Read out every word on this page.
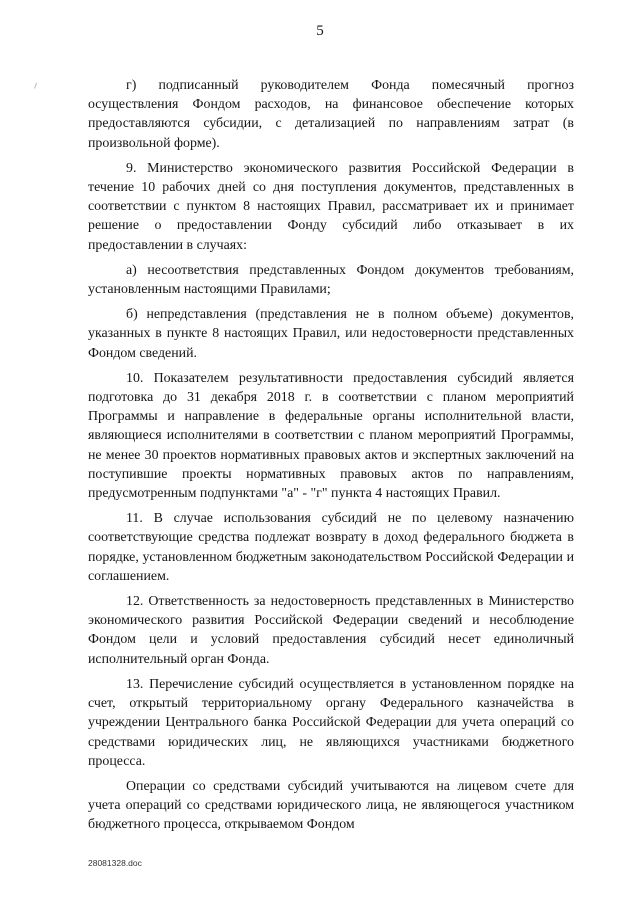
5

г) подписанный руководителем Фонда помесячный прогноз осуществления Фондом расходов, на финансовое обеспечение которых предоставляются субсидии, с детализацией по направлениям затрат (в произвольной форме).

9. Министерство экономического развития Российской Федерации в течение 10 рабочих дней со дня поступления документов, представленных в соответствии с пунктом 8 настоящих Правил, рассматривает их и принимает решение о предоставлении Фонду субсидий либо отказывает в их предоставлении в случаях:

а) несоответствия представленных Фондом документов требованиям, установленным настоящими Правилами;

б) непредставления (представления не в полном объеме) документов, указанных в пункте 8 настоящих Правил, или недостоверности представленных Фондом сведений.

10. Показателем результативности предоставления субсидий является подготовка до 31 декабря 2018 г. в соответствии с планом мероприятий Программы и направление в федеральные органы исполнительной власти, являющиеся исполнителями в соответствии с планом мероприятий Программы, не менее 30 проектов нормативных правовых актов и экспертных заключений на поступившие проекты нормативных правовых актов по направлениям, предусмотренным подпунктами "а" - "г" пункта 4 настоящих Правил.

11. В случае использования субсидий не по целевому назначению соответствующие средства подлежат возврату в доход федерального бюджета в порядке, установленном бюджетным законодательством Российской Федерации и соглашением.

12. Ответственность за недостоверность представленных в Министерство экономического развития Российской Федерации сведений и несоблюдение Фондом цели и условий предоставления субсидий несет единоличный исполнительный орган Фонда.

13. Перечисление субсидий осуществляется в установленном порядке на счет, открытый территориальному органу Федерального казначейства в учреждении Центрального банка Российской Федерации для учета операций со средствами юридических лиц, не являющихся участниками бюджетного процесса.

Операции со средствами субсидий учитываются на лицевом счете для учета операций со средствами юридического лица, не являющегося участником бюджетного процесса, открываемом Фондом

28081328.doc
